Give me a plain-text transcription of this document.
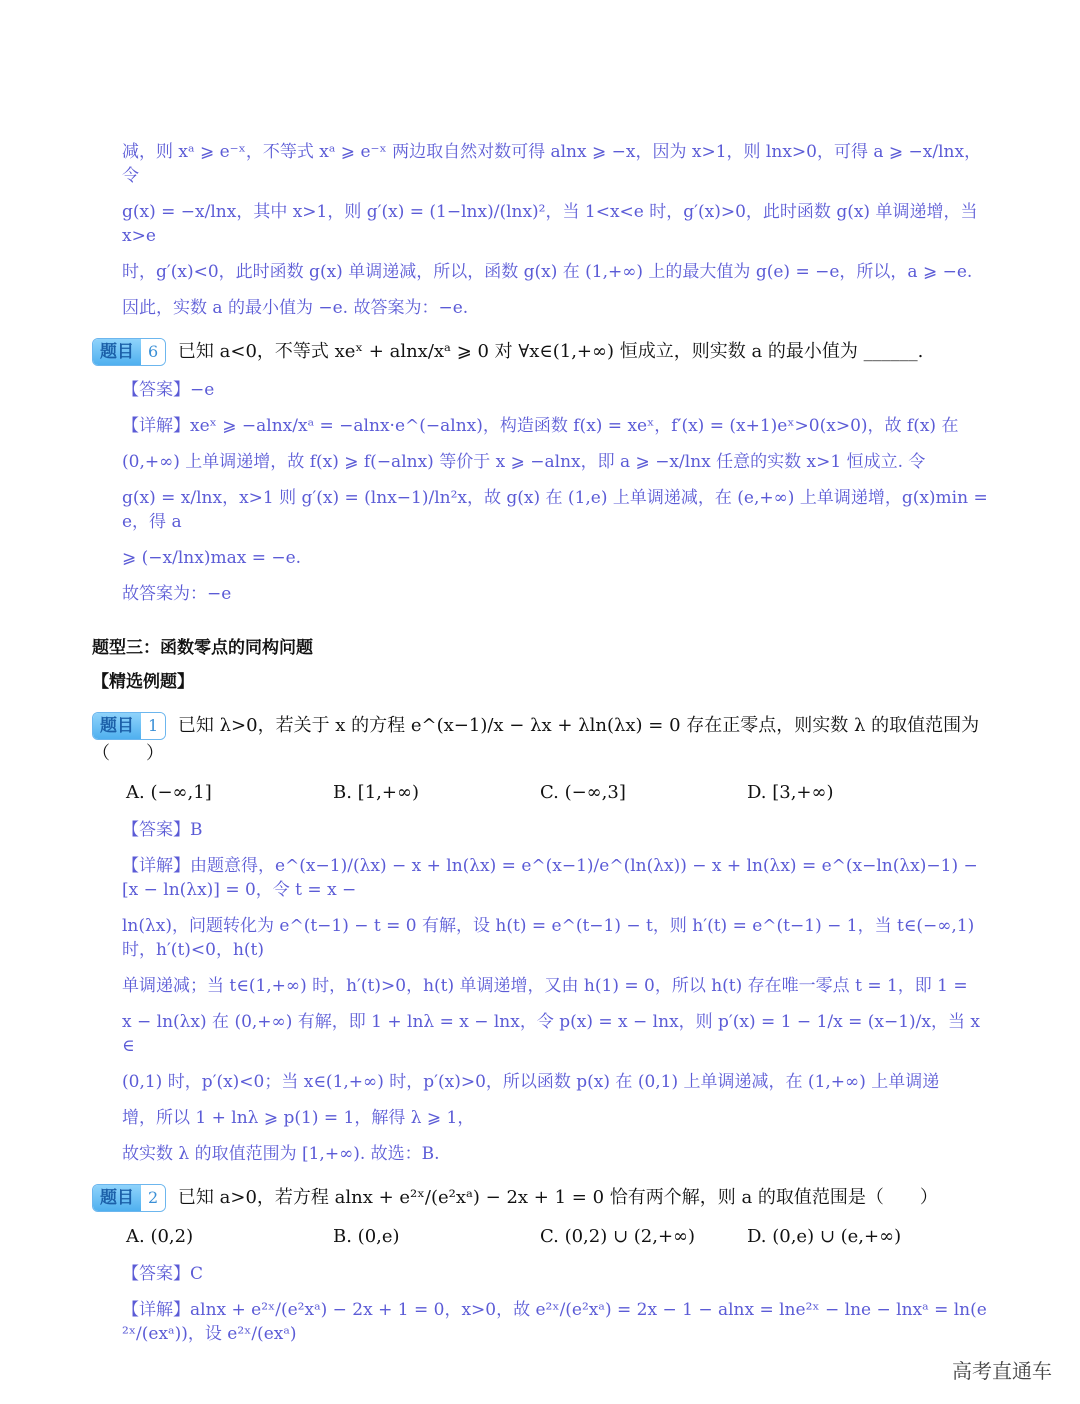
减，则 xᵃ ⩾ e⁻ˣ，不等式 xᵃ ⩾ e⁻ˣ 两边取自然对数可得 alnx ⩾ −x，因为 x>1，则 lnx>0，可得 a ⩾ −x/lnx，令
g(x) = −x/lnx，其中 x>1，则 g′(x) = (1−lnx)/(lnx)²，当 1<x<e 时，g′(x)>0，此时函数 g(x) 单调递增，当 x>e
时，g′(x)<0，此时函数 g(x) 单调递减，所以，函数 g(x) 在 (1,+∞) 上的最大值为 g(e) = −e，所以，a ⩾ −e.
因此，实数 a 的最小值为 −e. 故答案为：−e.
题目 6	已知 a<0，不等式 xeˣ + alnx/xᵃ ⩾ 0 对 ∀x∈(1,+∞) 恒成立，则实数 a 的最小值为 ______.
【答案】−e
【详解】xeˣ ⩾ −alnx/xᵃ = −alnx·e^(−alnx)，构造函数 f(x) = xeˣ，f′(x) = (x+1)eˣ>0(x>0)，故 f(x) 在
(0,+∞) 上单调递增，故 f(x) ⩾ f(−alnx) 等价于 x ⩾ −alnx，即 a ⩾ −x/lnx 任意的实数 x>1 恒成立. 令
g(x) = x/lnx，x>1 则 g′(x) = (lnx−1)/ln²x，故 g(x) 在 (1,e) 上单调递减，在 (e,+∞) 上单调递增，g(x)min = e，得 a
⩾ (−x/lnx)max = −e.
故答案为：−e
题型三：函数零点的同构问题
【精选例题】
题目 1	已知 λ>0，若关于 x 的方程 e^(x−1)/x − λx + λln(λx) = 0 存在正零点，则实数 λ 的取值范围为（　　）
A. (−∞,1]	B. [1,+∞)	C. (−∞,3]	D. [3,+∞)
【答案】B
【详解】由题意得，e^(x−1)/(λx) − x + ln(λx) = e^(x−1)/e^(ln(λx)) − x + ln(λx) = e^(x−ln(λx)−1) − [x − ln(λx)] = 0，令 t = x −
ln(λx)，问题转化为 e^(t−1) − t = 0 有解，设 h(t) = e^(t−1) − t，则 h′(t) = e^(t−1) − 1，当 t∈(−∞,1) 时，h′(t)<0，h(t)
单调递减；当 t∈(1,+∞) 时，h′(t)>0，h(t) 单调递增，又由 h(1) = 0，所以 h(t) 存在唯一零点 t = 1，即 1 =
x − ln(λx) 在 (0,+∞) 有解，即 1 + lnλ = x − lnx，令 p(x) = x − lnx，则 p′(x) = 1 − 1/x = (x−1)/x，当 x∈
(0,1) 时，p′(x)<0；当 x∈(1,+∞) 时，p′(x)>0，所以函数 p(x) 在 (0,1) 上单调递减，在 (1,+∞) 上单调递
增，所以 1 + lnλ ⩾ p(1) = 1，解得 λ ⩾ 1，
故实数 λ 的取值范围为 [1,+∞). 故选：B.
题目 2	已知 a>0，若方程 alnx + e²ˣ/(e²xᵃ) − 2x + 1 = 0 恰有两个解，则 a 的取值范围是（　　）
A. (0,2)	B. (0,e)	C. (0,2) ∪ (2,+∞)	D. (0,e) ∪ (e,+∞)
【答案】C
【详解】alnx + e²ˣ/(e²xᵃ) − 2x + 1 = 0，x>0，故 e²ˣ/(e²xᵃ) = 2x − 1 − alnx = lne²ˣ − lne − lnxᵃ = ln(e²ˣ/(exᵃ))，设 e²ˣ/(exᵃ)
高考直通车
